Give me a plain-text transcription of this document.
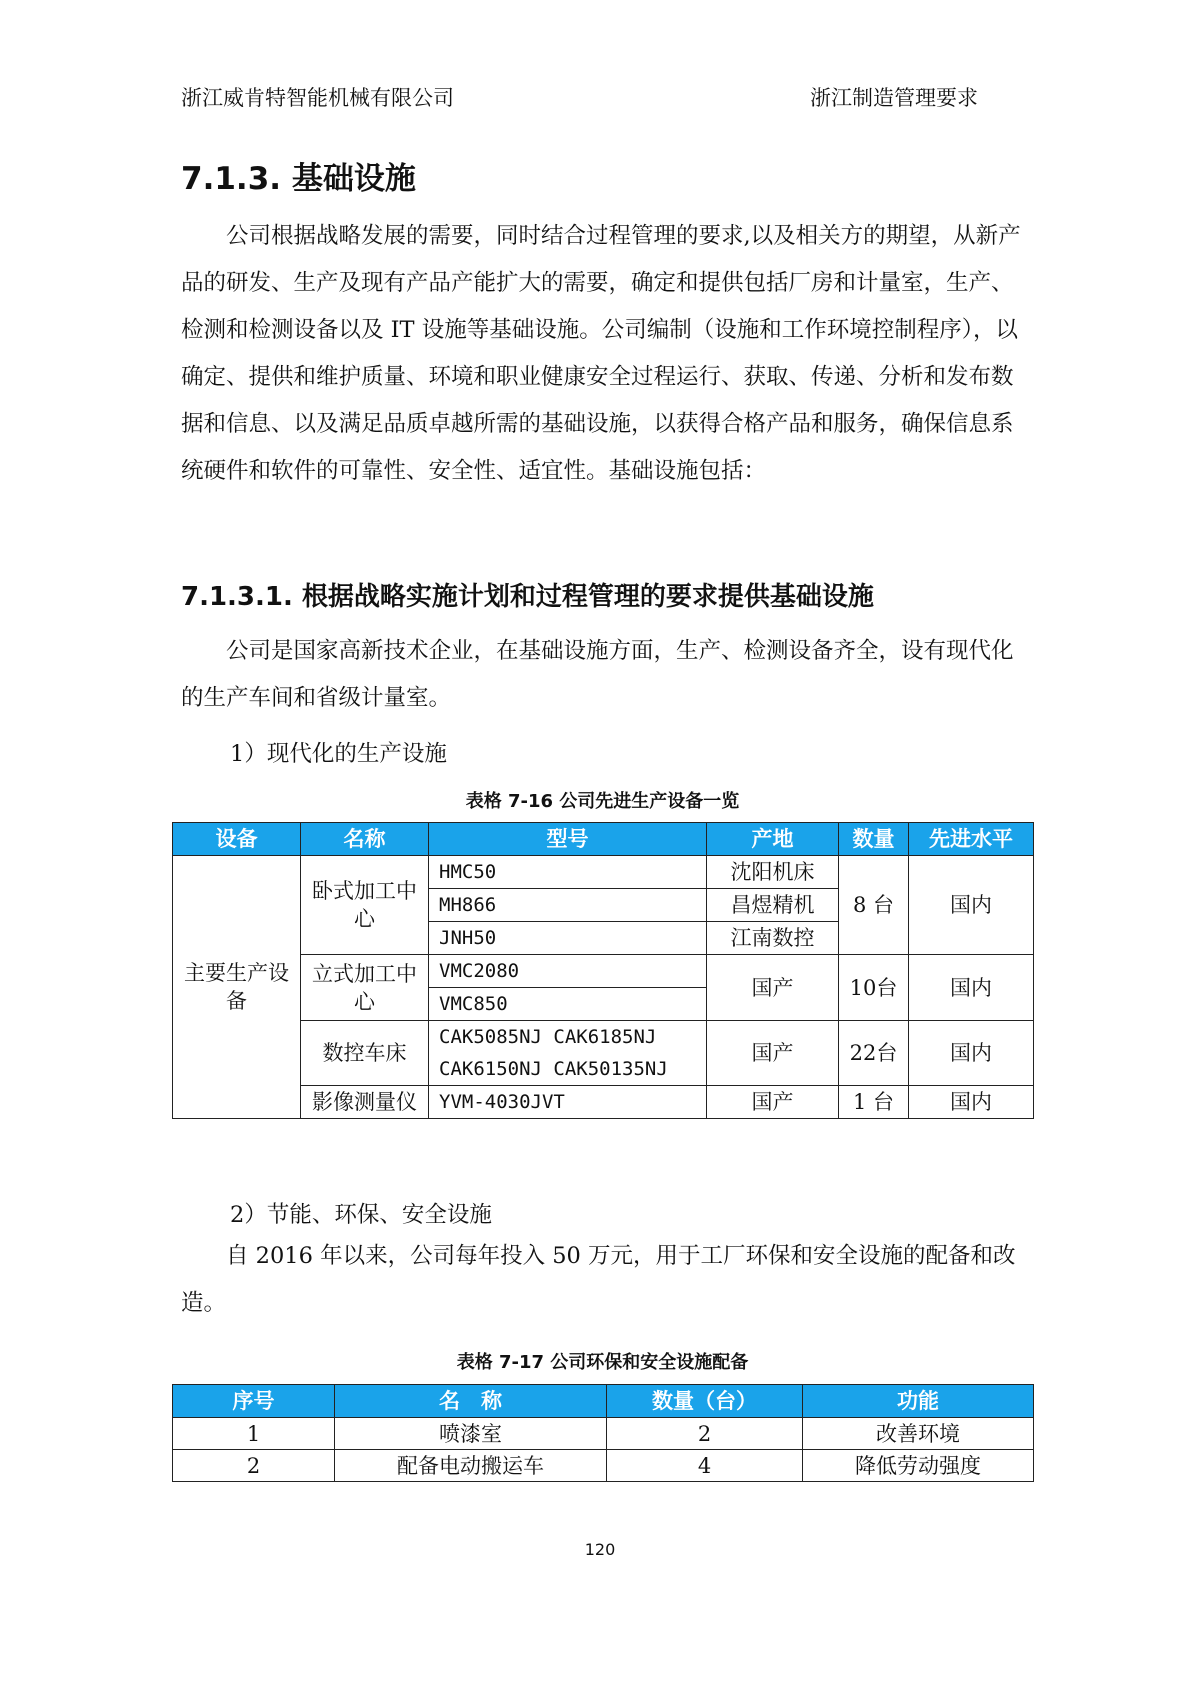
浙江威肯特智能机械有限公司	浙江制造管理要求
7.1.3. 基础设施

公司根据战略发展的需要，同时结合过程管理的要求,以及相关方的期望，从新产品的研发、生产及现有产品产能扩大的需要，确定和提供包括厂房和计量室，生产、检测和检测设备以及 IT 设施等基础设施。公司编制（设施和工作环境控制程序），以确定、提供和维护质量、环境和职业健康安全过程运行、获取、传递、分析和发布数据和信息、以及满足品质卓越所需的基础设施，以获得合格产品和服务，确保信息系统硬件和软件的可靠性、安全性、适宜性。基础设施包括：

7.1.3.1. 根据战略实施计划和过程管理的要求提供基础设施

公司是国家高新技术企业，在基础设施方面，生产、检测设备齐全，设有现代化的生产车间和省级计量室。

1）现代化的生产设施

表格 7-16 公司先进生产设备一览
设备	名称	型号	产地	数量	先进水平
主要生产设备	卧式加工中心	HMC50	沈阳机床	8 台	国内
		MH866	昌煜精机		
		JNH50	江南数控		
	立式加工中心	VMC2080	国产	10台	国内
		VMC850			
	数控车床	CAK5085NJ CAK6185NJ	国产	22台	国内
		CAK6150NJ CAK50135NJ			
	影像测量仪	YVM-4030JVT	国产	1 台	国内

2）节能、环保、安全设施

自 2016 年以来，公司每年投入 50 万元，用于工厂环保和安全设施的配备和改造。

表格 7-17 公司环保和安全设施配备
序号	名　称	数量（台）	功能
1	喷漆室	2	改善环境
2	配备电动搬运车	4	降低劳动强度
120
